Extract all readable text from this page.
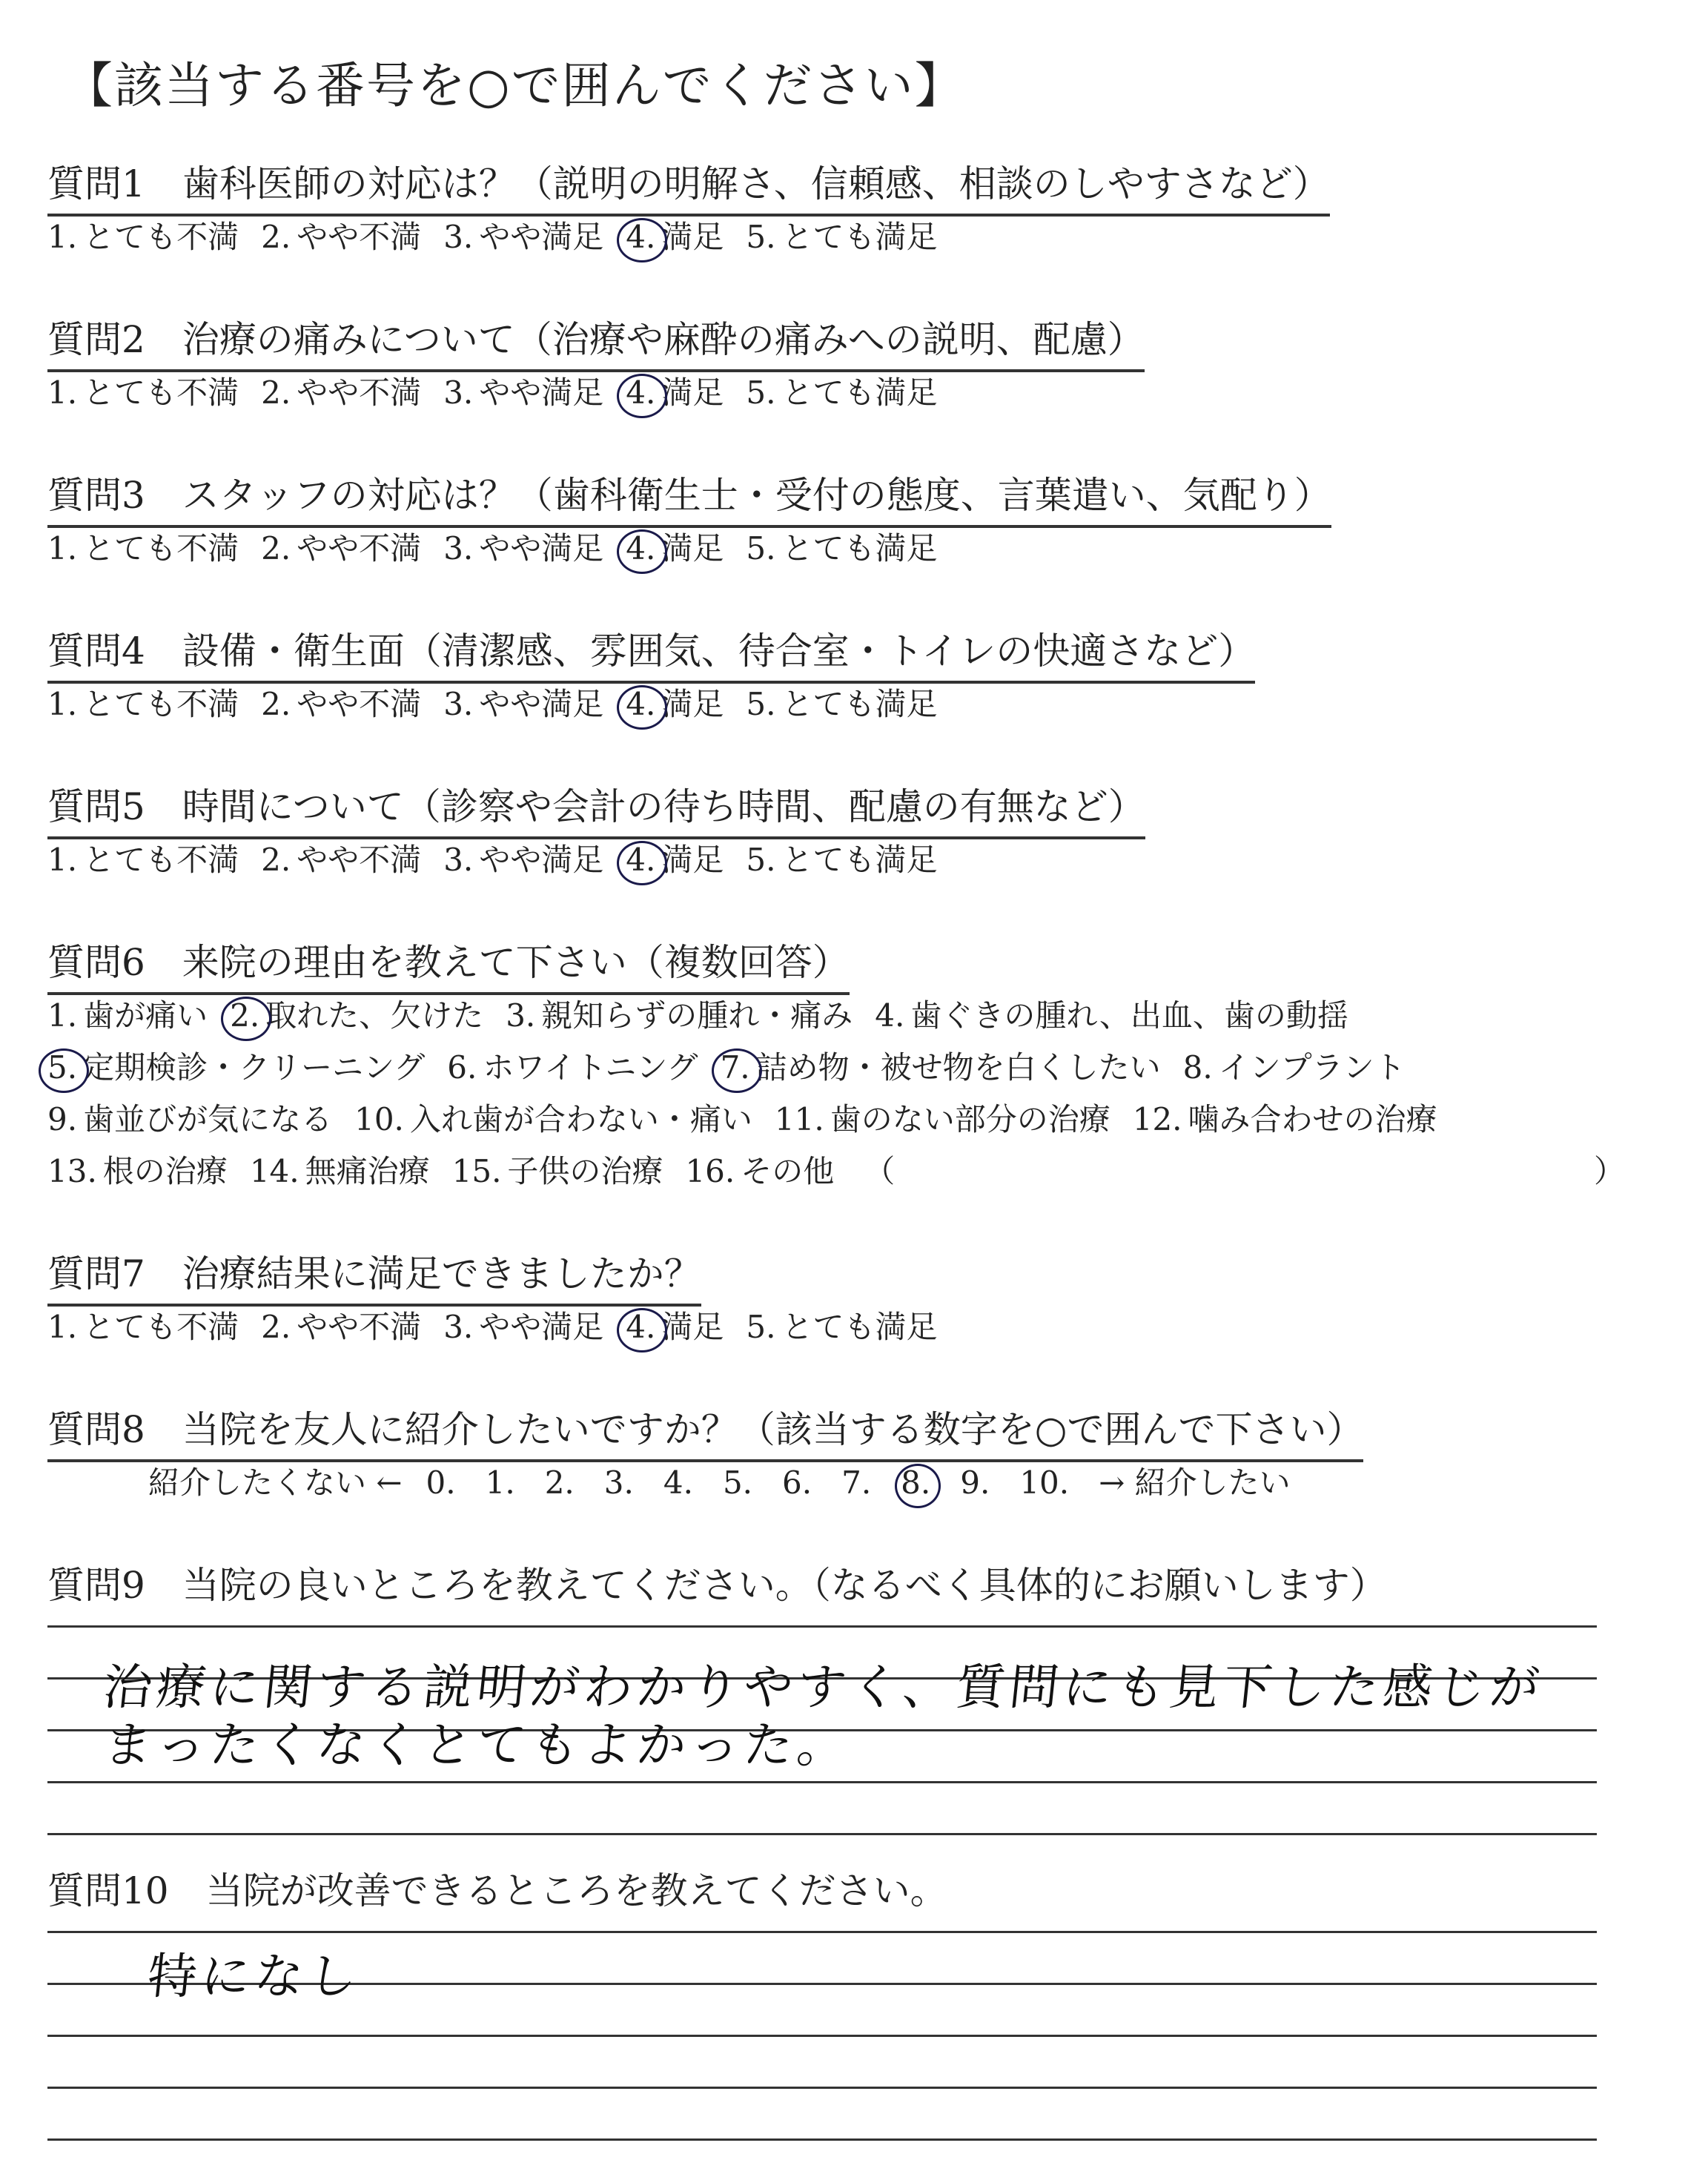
【該当する番号を○で囲んでください】
質問1　歯科医師の対応は？（説明の明解さ、信頼感、相談のしやすさなど）
1. とても不満 2. やや不満 3. やや満足 4. 満足 5. とても満足
質問2　治療の痛みについて（治療や麻酔の痛みへの説明、配慮）
1. とても不満 2. やや不満 3. やや満足 4. 満足 5. とても満足
質問3　スタッフの対応は？（歯科衛生士・受付の態度、言葉遣い、気配り）
1. とても不満 2. やや不満 3. やや満足 4. 満足 5. とても満足
質問4　設備・衛生面（清潔感、雰囲気、待合室・トイレの快適さなど）
1. とても不満 2. やや不満 3. やや満足 4. 満足 5. とても満足
質問5　時間について（診察や会計の待ち時間、配慮の有無など）
1. とても不満 2. やや不満 3. やや満足 4. 満足 5. とても満足
質問6　来院の理由を教えて下さい（複数回答）
1. 歯が痛い 2. 取れた、欠けた 3. 親知らずの腫れ・痛み 4. 歯ぐきの腫れ、出血、歯の動揺
5. 定期検診・クリーニング 6. ホワイトニング 7. 詰め物・被せ物を白くしたい 8. インプラント
9. 歯並びが気になる 10. 入れ歯が合わない・痛い 11. 歯のない部分の治療 12. 噛み合わせの治療
13. 根の治療 14. 無痛治療 15. 子供の治療 16. その他 （	）
質問7　治療結果に満足できましたか？
1. とても不満 2. やや不満 3. やや満足 4. 満足 5. とても満足
質問8　当院を友人に紹介したいですか？（該当する数字を○で囲んで下さい）
紹介したくない ← 0. 1. 2. 3. 4. 5. 6. 7. 8. 9. 10. → 紹介したい
質問9　当院の良いところを教えてください。（なるべく具体的にお願いします）
治療に関する説明がわかりやすく、質問にも見下した感じが
まったくなくとてもよかった。
質問10　当院が改善できるところを教えてください。
特になし
